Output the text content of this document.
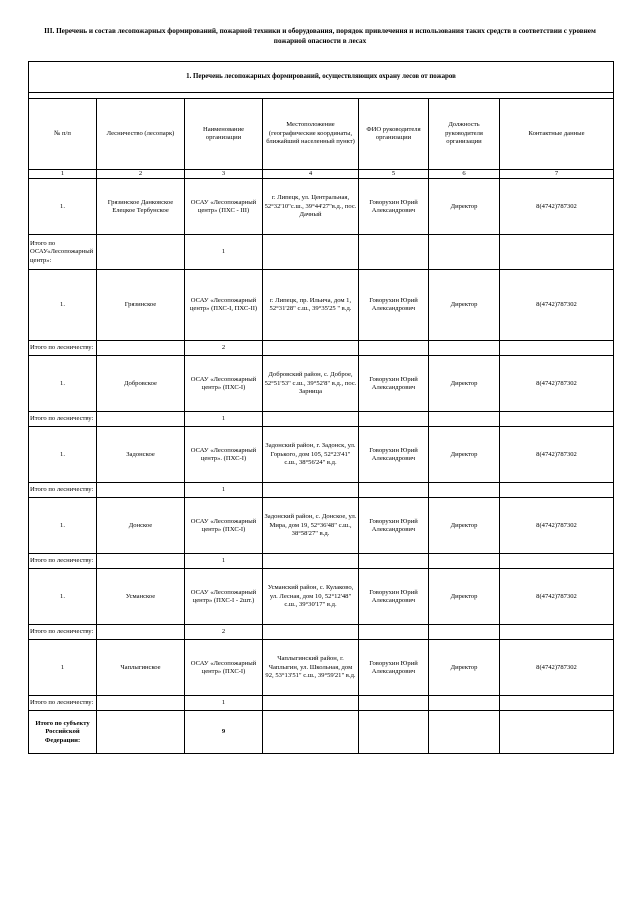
III. Перечень и состав лесопожарных формирований, пожарной техники и оборудования, порядок привлечения и использования таких средств в соответствии с уровнем пожарной опасности в лесах
1. Перечень лесопожарных формирований, осуществляющих охрану лесов от пожаров						

№ п/п	Лесничество (лесопарк)	Наименование организации	Местоположение (географические координаты, ближайший населенный пункт)	ФИО руководителя организации	Должность руководителя организации	Контактные данные
1	2	3	4	5	6	7
1.	Грязинское Данковское Елецкое Тербунское	ОСАУ «Лесопожарный центр» (ПХС - III)	г. Липецк, ул. Центральная, 52°32'10"с.ш., 39°44'27"в.д., пос. Дачный	Говорухин Юрий Александрович	Директор	8(4742)787302
Итого по ОСАУ«Лесопожарный центр»:		1				
1.	Грязинское	ОСАУ «Лесопожарный центр» (ПХС-I, ПХС-II)	г. Липецк, пр. Ильича, дом 1, 52°31'28" с.ш., 39°35'25 " в.д.	Говорухин Юрий Александрович	Директор	8(4742)787302
Итого по лесничеству:		2				
1.	Добровское	ОСАУ «Лесопожарный центр» (ПХС-I)	Добровский район, с. Доброе, 52°51'53" с.ш., 39°52'8" в.д., пос. Зарница	Говорухин Юрий Александрович	Директор	8(4742)787302
Итого по лесничеству:		1				
1.	Задонское	ОСАУ «Лесопожарный центр». (ПХС-I)	Задонский район, г. Задонск, ул. Горького, дом 105, 52°23'41" с.ш., 38°56'24" в.д.	Говорухин Юрий Александрович	Директор	8(4742)787302
Итого по лесничеству:		1				
1.	Донское	ОСАУ «Лесопожарный центр» (ПХС-I)	Задонский район, с. Донское, ул. Мира, дом 19, 52°36'48" с.ш., 38°58'27" в.д.	Говорухин Юрий Александрович	Директор	8(4742)787302
Итого по лесничеству:		1				
1.	Усманское	ОСАУ «Лесопожарный центр» (ПХС-I - 2шт.)	Усманский район, с. Кулаково, ул. Лесная, дом 10, 52°12'48" с.ш., 39°30'17" в.д.	Говорухин Юрий Александрович	Директор	8(4742)787302
Итого по лесничеству:		2				
1	Чаплыгинское	ОСАУ «Лесопожарный центр» (ПХС-I)	Чаплыгинский район, г. Чаплыгин, ул. Школьная, дом 92, 53°13'51" с.ш., 39°59'21" в.д.	Говорухин Юрий Александрович	Директор	8(4742)787302
Итого по лесничеству:		1				
Итого по субъекту Российской Федерации:		9				
